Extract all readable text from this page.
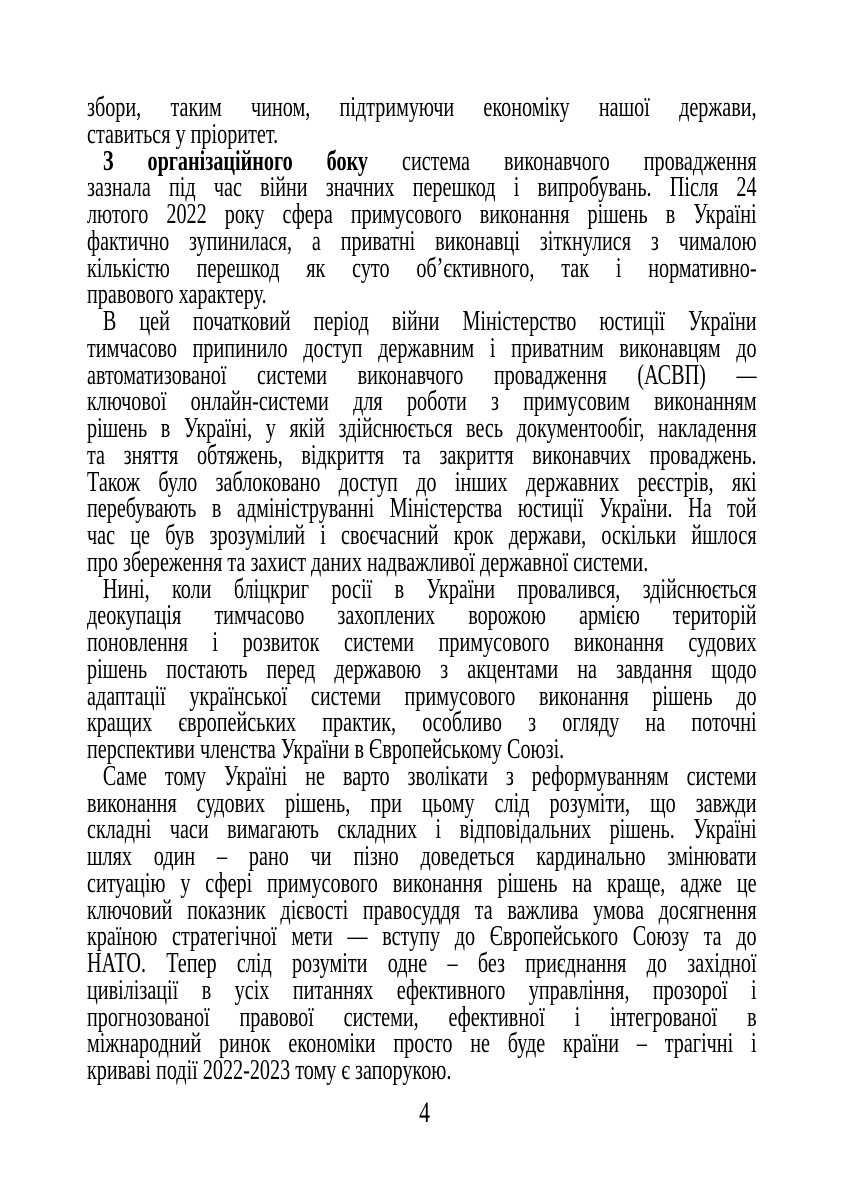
збори, таким чином, підтримуючи економіку нашої держави,
ставиться у пріоритет.
З організаційного боку система виконавчого провадження
зазнала під час війни значних перешкод і випробувань. Після 24
лютого 2022 року сфера примусового виконання рішень в Україні
фактично зупинилася, а приватні виконавці зіткнулися з чималою
кількістю перешкод як суто об’єктивного, так і нормативно-
правового характеру.
В цей початковий період війни Міністерство юстиції України
тимчасово припинило доступ державним і приватним виконавцям до
автоматизованої системи виконавчого провадження (АСВП) —
ключової онлайн-системи для роботи з примусовим виконанням
рішень в Україні, у якій здійснюється весь документообіг, накладення
та зняття обтяжень, відкриття та закриття виконавчих проваджень.
Також було заблоковано доступ до інших державних реєстрів, які
перебувають в адмініструванні Міністерства юстиції України. На той
час це був зрозумілий і своєчасний крок держави, оскільки йшлося
про збереження та захист даних надважливої державної системи.
Нині, коли бліцкриг росії в України провалився, здійснюється
деокупація тимчасово захоплених ворожою армією територій
поновлення і розвиток системи примусового виконання судових
рішень постають перед державою з акцентами на завдання щодо
адаптації української системи примусового виконання рішень до
кращих європейських практик, особливо з огляду на поточні
перспективи членства України в Європейському Союзі.
Саме тому Україні не варто зволікати з реформуванням системи
виконання судових рішень, при цьому слід розуміти, що завжди
складні часи вимагають складних і відповідальних рішень. Україні
шлях один – рано чи пізно доведеться кардинально змінювати
ситуацію у сфері примусового виконання рішень на краще, адже це
ключовий показник дієвості правосуддя та важлива умова досягнення
країною стратегічної мети — вступу до Європейського Союзу та до
НАТО. Тепер слід розуміти одне – без приєднання до західної
цивілізації в усіх питаннях ефективного управління, прозорої і
прогнозованої правової системи, ефективної і інтегрованої в
міжнародний ринок економіки просто не буде країни – трагічні і
криваві події 2022-2023 тому є запорукою.
4
